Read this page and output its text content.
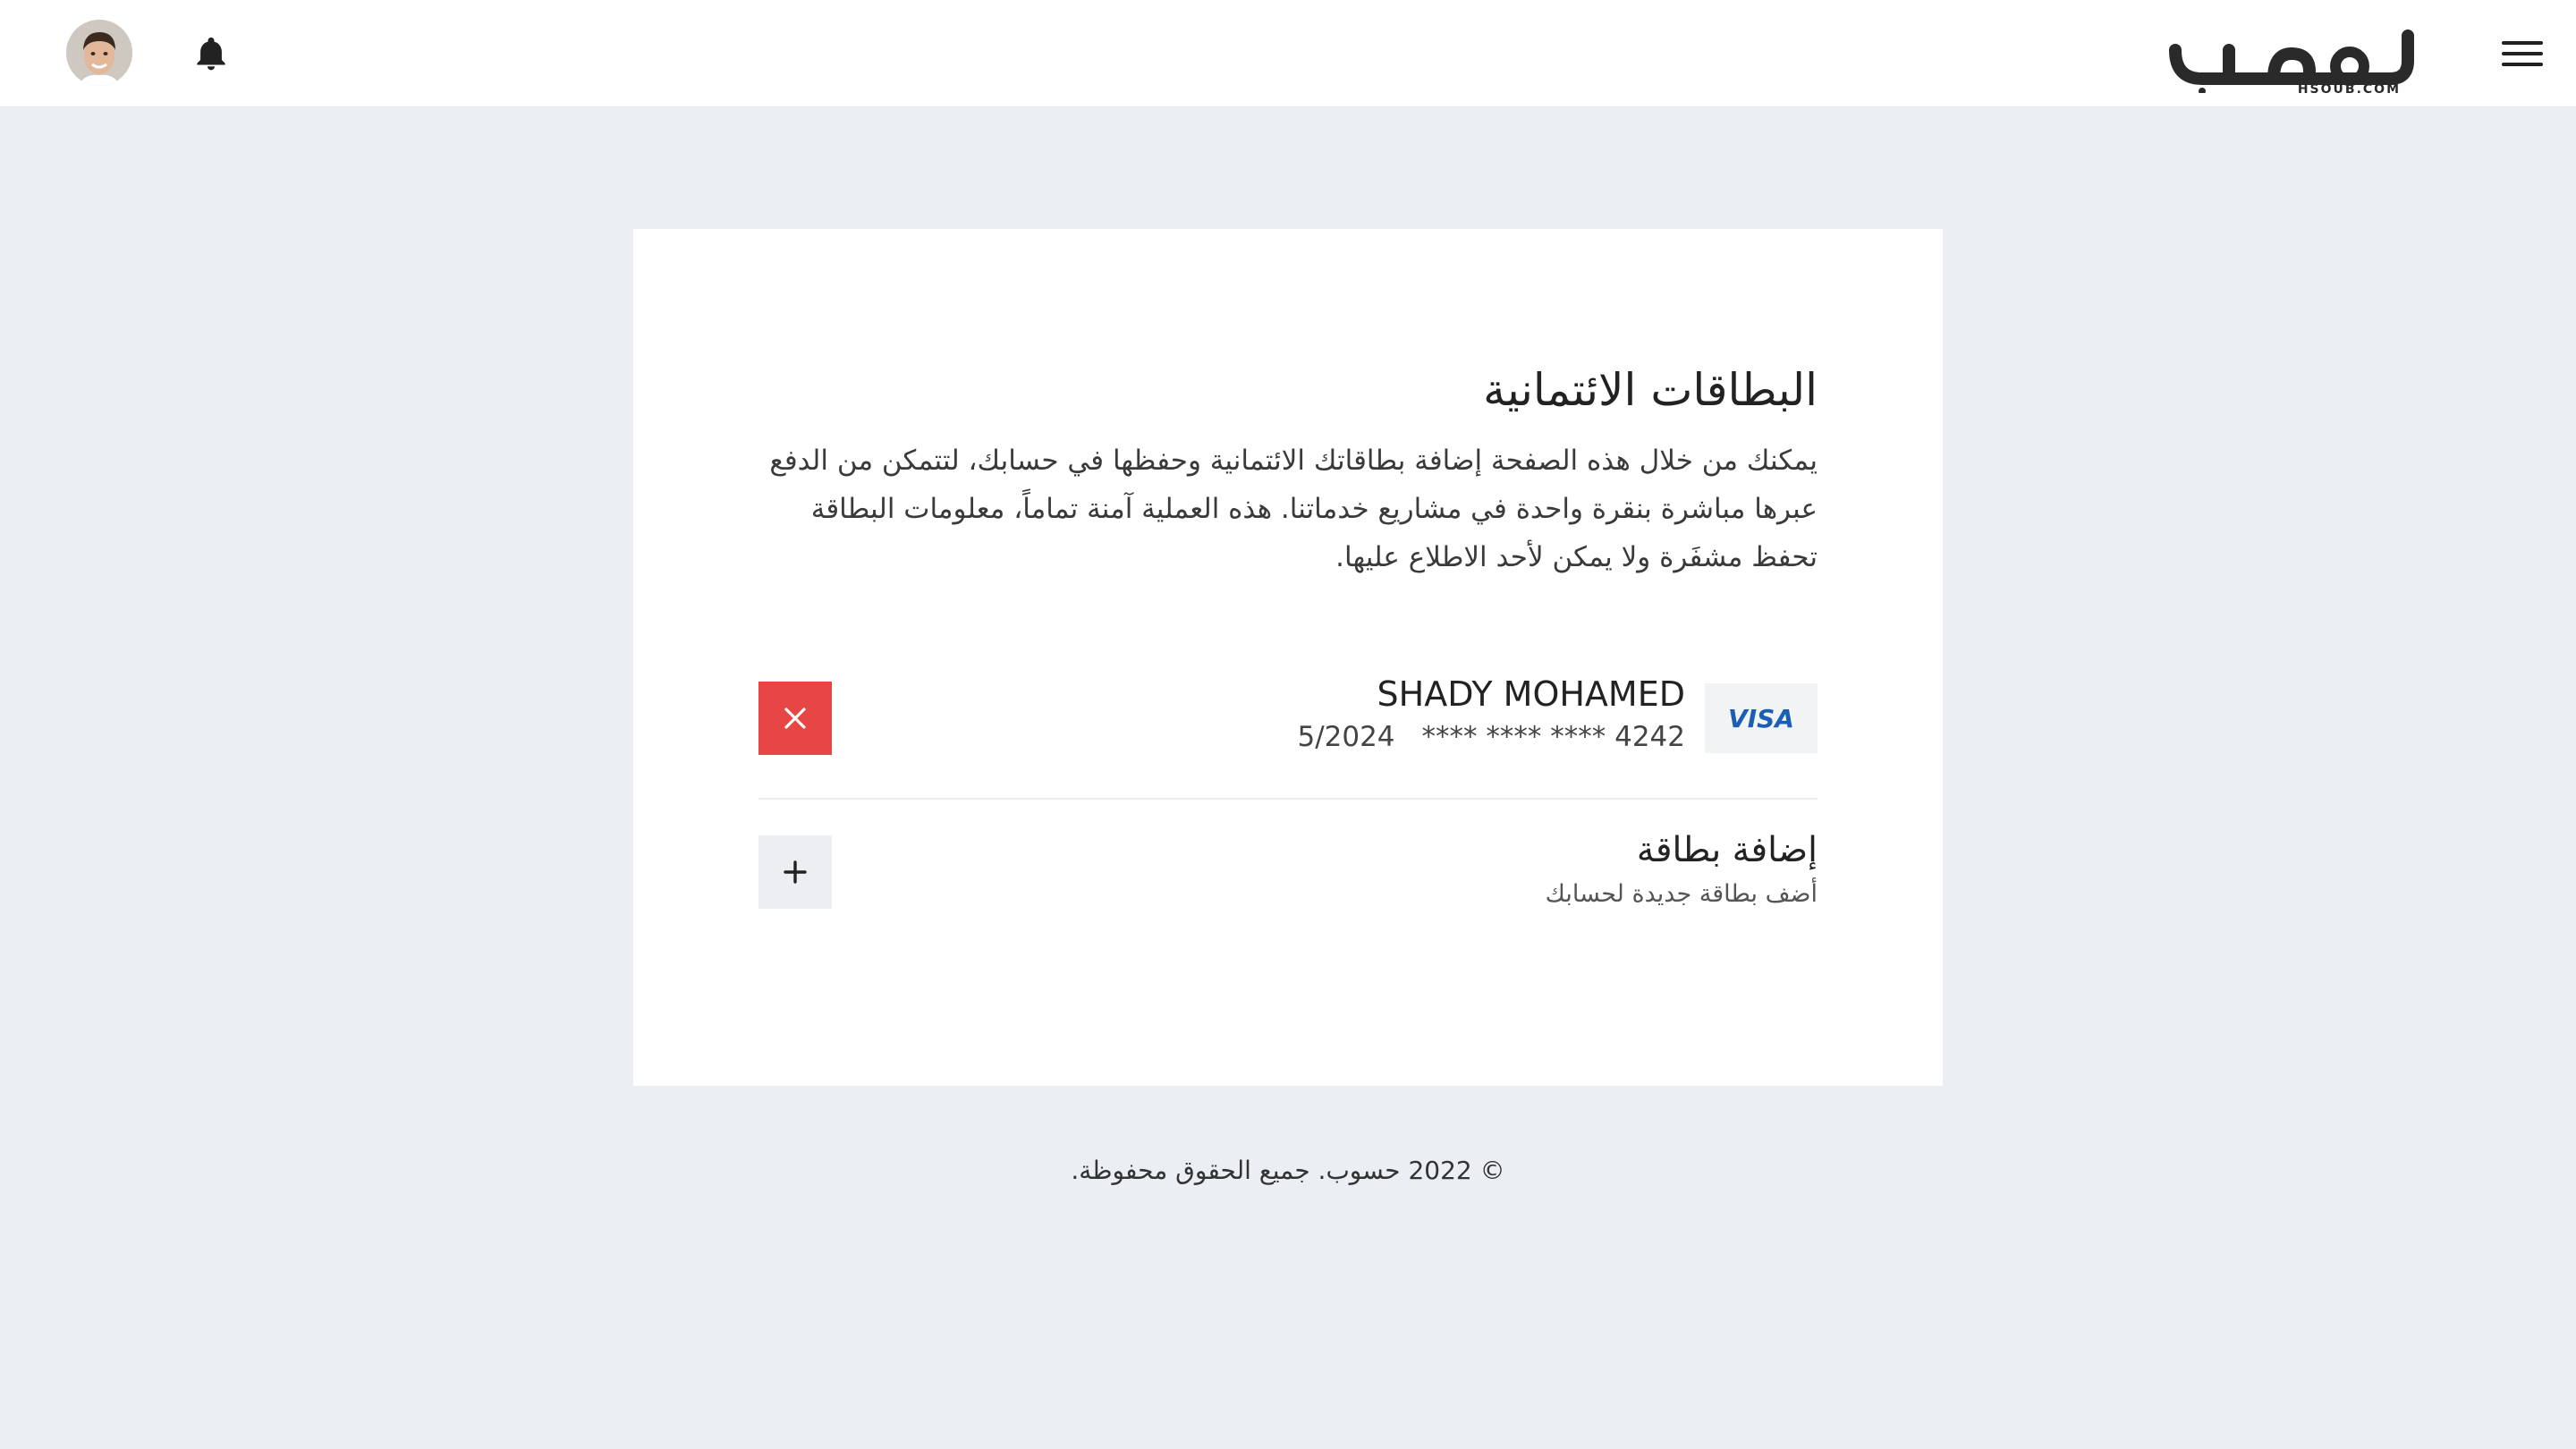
HSOUB.COM
البطاقات الائتمانية

يمكنك من خلال هذه الصفحة إضافة بطاقاتك الائتمانية وحفظها في حسابك، لتتمكن من الدفع عبرها مباشرة بنقرة واحدة في مشاريع خدماتنا. هذه العملية آمنة تماماً، معلومات البطاقة تحفظ مشفَرة ولا يمكن لأحد الاطلاع عليها.

VISA
SHADY MOHAMED
5/2024 **** **** **** 4242
إضافة بطاقة
أضف بطاقة جديدة لحسابك
© 2022 حسوب. جميع الحقوق محفوظة.
